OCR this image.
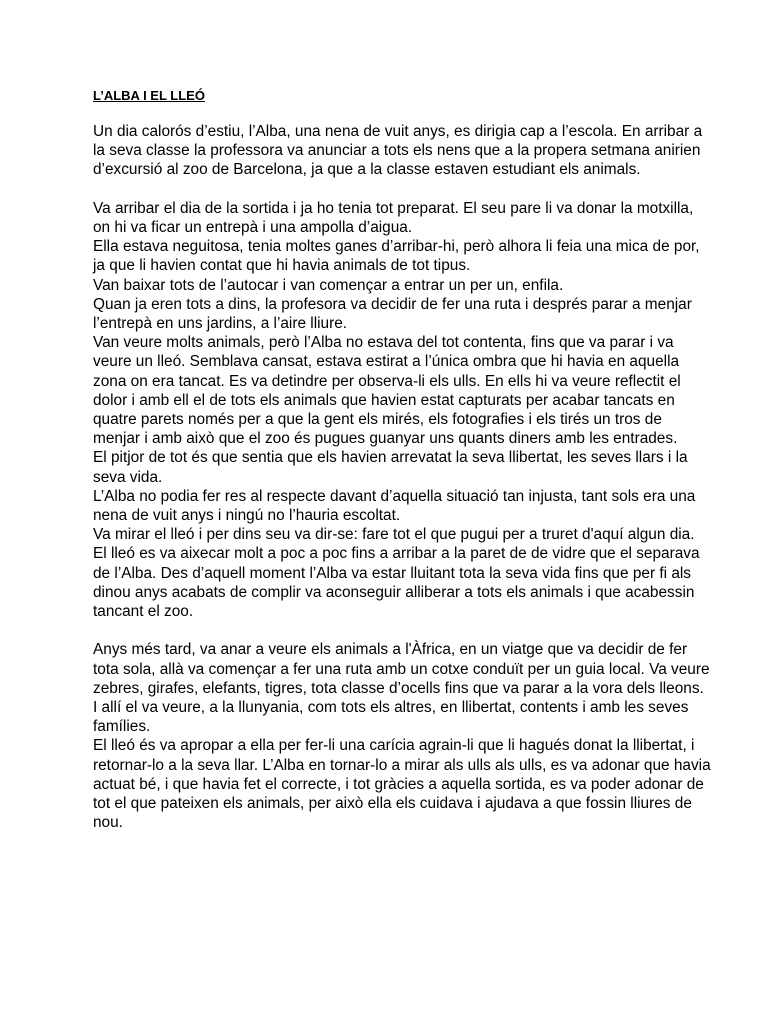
L’ALBA I EL LLEÓ

Un dia calorós d’estiu, l’Alba, una nena de vuit anys, es dirigia cap a l’escola. En arribar a la seva classe la professora va anunciar a tots els nens que a la propera setmana anirien d’excursió al zoo de Barcelona, ja que a la classe estaven estudiant els animals.

Va arribar el dia de la sortida i ja ho tenia tot preparat. El seu pare li va donar la motxilla, on hi va ficar un entrepà i una ampolla d’aigua.

Ella estava neguitosa, tenia moltes ganes d’arribar-hi, però alhora li feia una mica de por, ja que li havien contat que hi havia animals de tot tipus.

Van baixar tots de l’autocar i van començar a entrar un per un, enfila.

Quan ja eren tots a dins, la profesora va decidir de fer una ruta i després parar a menjar l’entrepà en uns jardins, a l’aire lliure.

Van veure molts animals, però l’Alba no estava del tot contenta, fins que va parar i va veure un lleó. Semblava cansat, estava estirat a l’única ombra que hi havia en aquella zona on era tancat. Es va detindre per observa-li els ulls. En ells hi va veure reflectit el dolor i amb ell el de tots els animals que havien estat capturats per acabar tancats en quatre parets només per a que la gent els mirés, els fotografies i els tirés un tros de menjar i amb això que el zoo és pugues guanyar uns quants diners amb les entrades.

El pitjor de tot és que sentia que els havien arrevatat la seva llibertat, les seves llars i la seva vida.

L’Alba no podia fer res al respecte davant d’aquella situació tan injusta, tant sols era una nena de vuit anys i ningú no l’hauria escoltat.

Va mirar el lleó i per dins seu va dir-se: fare tot el que pugui per a truret d'aquí algun dia.

El lleó es va aixecar molt a poc a poc fins a arribar a la paret de de vidre que el separava de l’Alba. Des d’aquell moment l’Alba va estar lluitant tota la seva vida fins que per fi als dinou anys acabats de complir va aconseguir alliberar a tots els animals i que acabessin tancant el zoo.

Anys més tard, va anar a veure els animals a l'Àfrica, en un viatge que va decidir de fer tota sola, allà va començar a fer una ruta amb un cotxe conduït per un guia local. Va veure zebres, girafes, elefants, tigres, tota classe d’ocells fins que va parar a la vora dels lleons.

I allí el va veure, a la llunyania, com tots els altres, en llibertat, contents i amb les seves famílies.

El lleó és va apropar a ella per fer-li una carícia agrain-li que li hagués donat la llibertat, i retornar-lo a la seva llar. L’Alba en tornar-lo a mirar als ulls als ulls, es va adonar que havia actuat bé, i que havia fet el correcte, i tot gràcies a aquella sortida, es va poder adonar de tot el que pateixen els animals, per això ella els cuidava i ajudava a que fossin lliures de nou.
